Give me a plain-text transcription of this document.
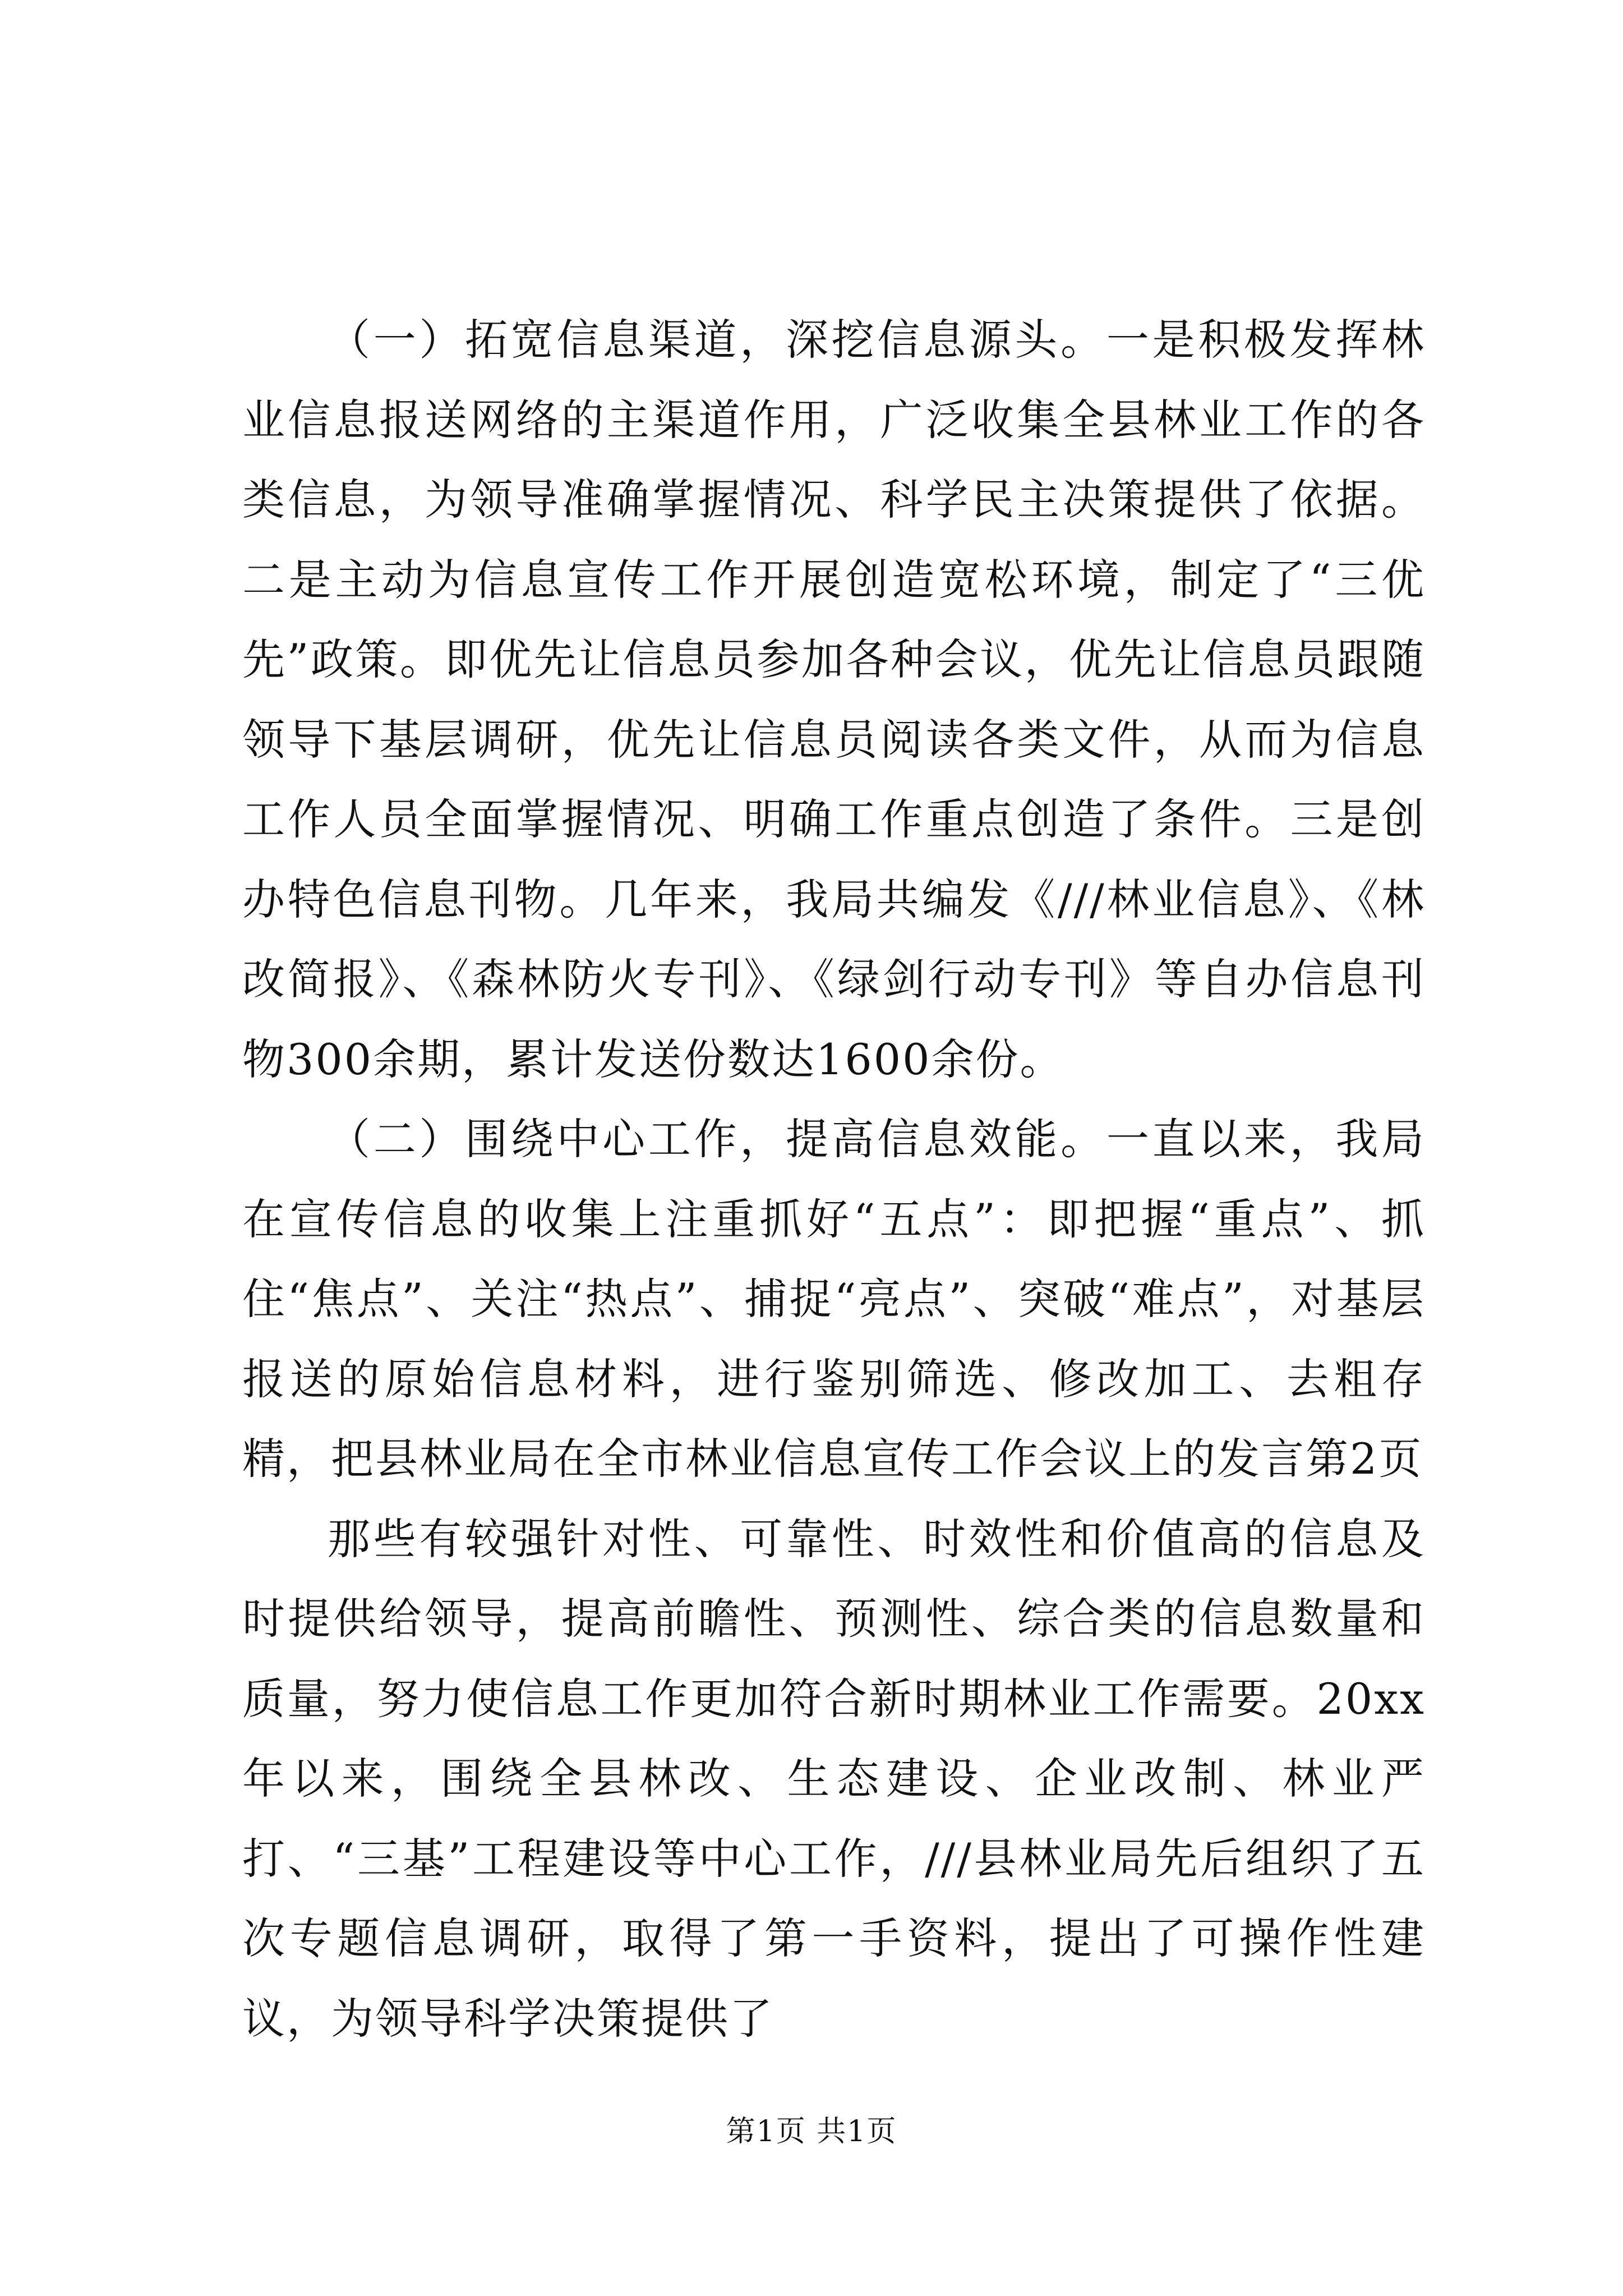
（一）拓宽信息渠道，深挖信息源头。一是积极发挥林业信息报送网络的主渠道作用，广泛收集全县林业工作的各类信息，为领导准确掌握情况、科学民主决策提供了依据。二是主动为信息宣传工作开展创造宽松环境，制定了“三优先”政策。即优先让信息员参加各种会议，优先让信息员跟随领导下基层调研，优先让信息员阅读各类文件，从而为信息工作人员全面掌握情况、明确工作重点创造了条件。三是创办特色信息刊物。几年来，我局共编发《///林业信息》、《林改简报》、《森林防火专刊》、《绿剑行动专刊》等自办信息刊物300余期，累计发送份数达1600余份。

（二）围绕中心工作，提高信息效能。一直以来，我局在宣传信息的收集上注重抓好“五点”：即把握“重点”、抓住“焦点”、关注“热点”、捕捉“亮点”、突破“难点”，对基层报送的原始信息材料，进行鉴别筛选、修改加工、去粗存精，把县林业局在全市林业信息宣传工作会议上的发言第2页

那些有较强针对性、可靠性、时效性和价值高的信息及时提供给领导，提高前瞻性、预测性、综合类的信息数量和质量，努力使信息工作更加符合新时期林业工作需要。20xx年以来，围绕全县林改、生态建设、企业改制、林业严打、“三基”工程建设等中心工作，///县林业局先后组织了五次专题信息调研，取得了第一手资料，提出了可操作性建议，为领导科学决策提供了

第1页 共1页
